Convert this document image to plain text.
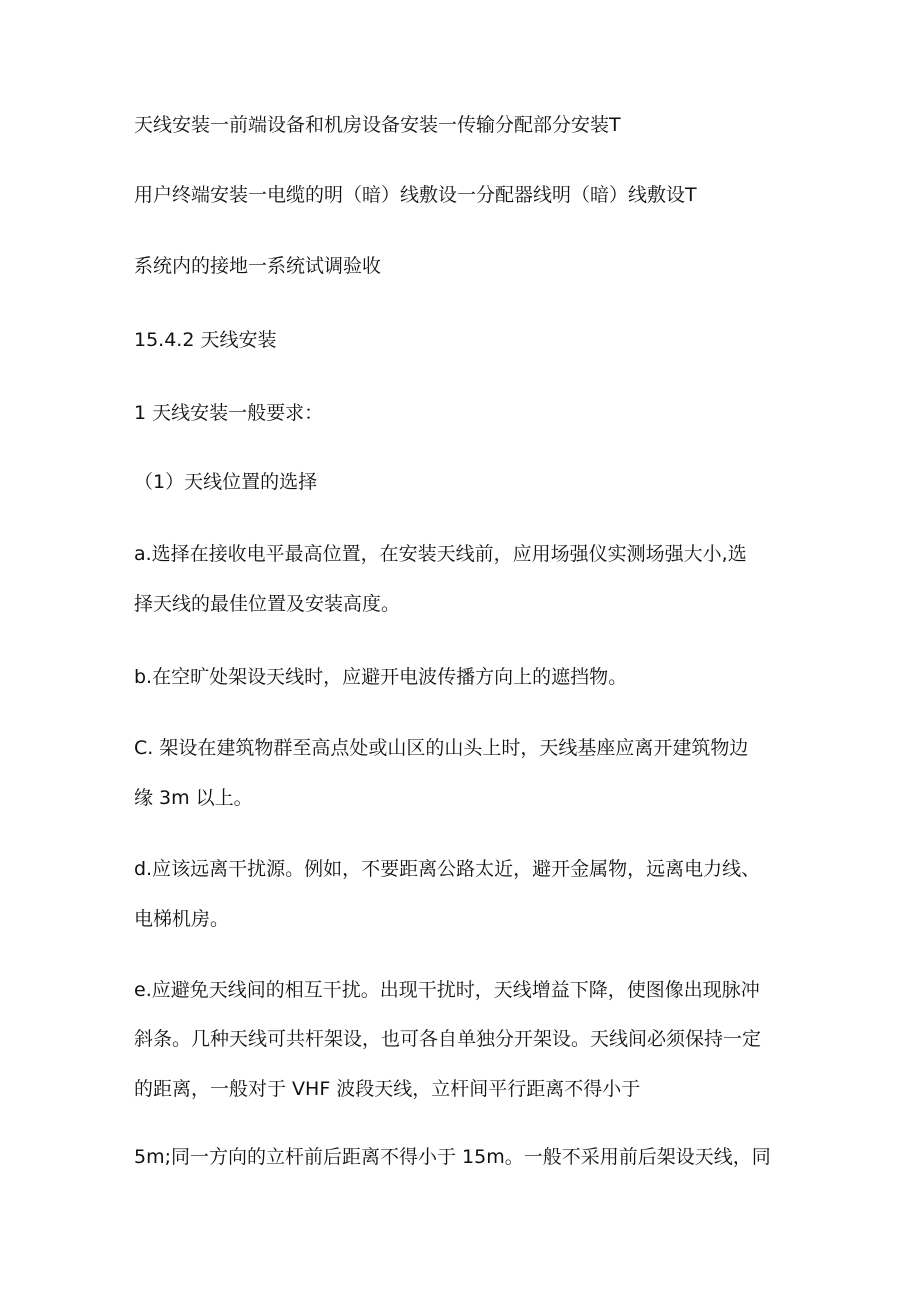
天线安装一前端设备和机房设备安装一传输分配部分安装T
用户终端安装一电缆的明（暗）线敷设一分配器线明（暗）线敷设T
系统内的接地一系统试调验收
15.4.2 天线安装
1 天线安装一般要求：
（1）天线位置的选择
a.选择在接收电平最高位置，在安装天线前，应用场强仪实测场强大小,选
择天线的最佳位置及安装高度。
b.在空旷处架设天线时，应避开电波传播方向上的遮挡物。
C. 架设在建筑物群至高点处或山区的山头上时，天线基座应离开建筑物边
缘 3m 以上。
d.应该远离干扰源。例如，不要距离公路太近，避开金属物，远离电力线、
电梯机房。
e.应避免天线间的相互干扰。出现干扰时，天线增益下降，使图像出现脉冲
斜条。几种天线可共杆架设，也可各自单独分开架设。天线间必须保持一定
的距离，一般对于 VHF 波段天线，立杆间平行距离不得小于
5m;同一方向的立杆前后距离不得小于 15m。一般不采用前后架设天线，同
